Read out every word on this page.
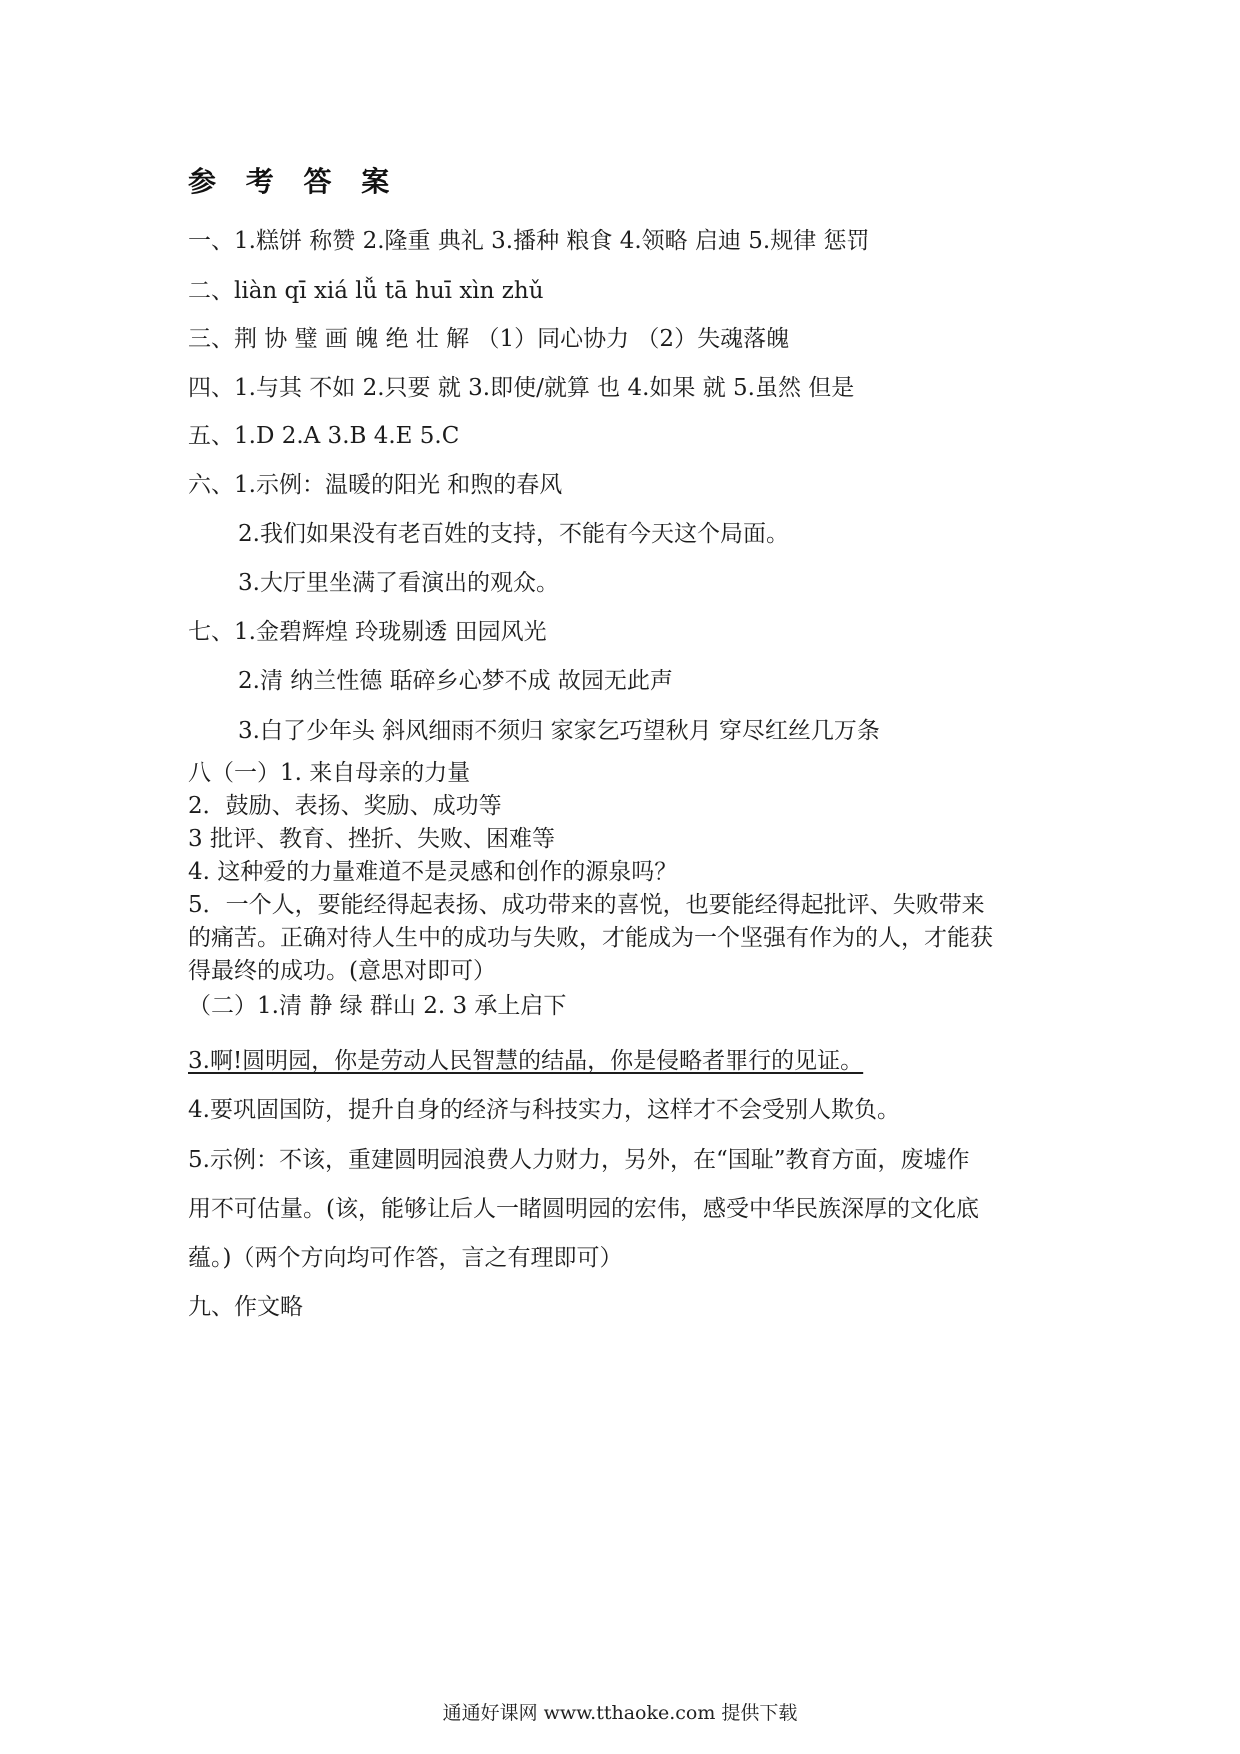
参 考 答 案
一、1.糕饼 称赞 2.隆重 典礼 3.播种 粮食 4.领略 启迪 5.规律 惩罚
二、liàn qī xiá lǚ tā huī xìn zhǔ
三、荆 协 璧 画 魄 绝 壮 解 （1）同心协力 （2）失魂落魄
四、1.与其 不如 2.只要 就 3.即使/就算 也 4.如果 就 5.虽然 但是
五、1.D 2.A 3.B 4.E 5.C
六、1.示例：温暖的阳光 和煦的春风
2.我们如果没有老百姓的支持，不能有今天这个局面。
3.大厅里坐满了看演出的观众。
七、1.金碧辉煌 玲珑剔透 田园风光
2.清 纳兰性德 聒碎乡心梦不成 故园无此声
3.白了少年头 斜风细雨不须归 家家乞巧望秋月 穿尽红丝几万条
八（一）1. 来自母亲的力量
2．鼓励、表扬、奖励、成功等
3 批评、教育、挫折、失败、困难等
4. 这种爱的力量难道不是灵感和创作的源泉吗？
5．一个人，要能经得起表扬、成功带来的喜悦，也要能经得起批评、失败带来
的痛苦。正确对待人生中的成功与失败，才能成为一个坚强有作为的人，才能获
得最终的成功。(意思对即可）
（二）1.清 静 绿 群山 2. 3 承上启下
3.啊!圆明园，你是劳动人民智慧的结晶，你是侵略者罪行的见证。
4.要巩固国防，提升自身的经济与科技实力，这样才不会受别人欺负。
5.示例：不该，重建圆明园浪费人力财力，另外，在“国耻”教育方面，废墟作
用不可估量。(该，能够让后人一睹圆明园的宏伟，感受中华民族深厚的文化底
蕴。)（两个方向均可作答，言之有理即可）
九、作文略
通通好课网 www.tthaoke.com 提供下载
